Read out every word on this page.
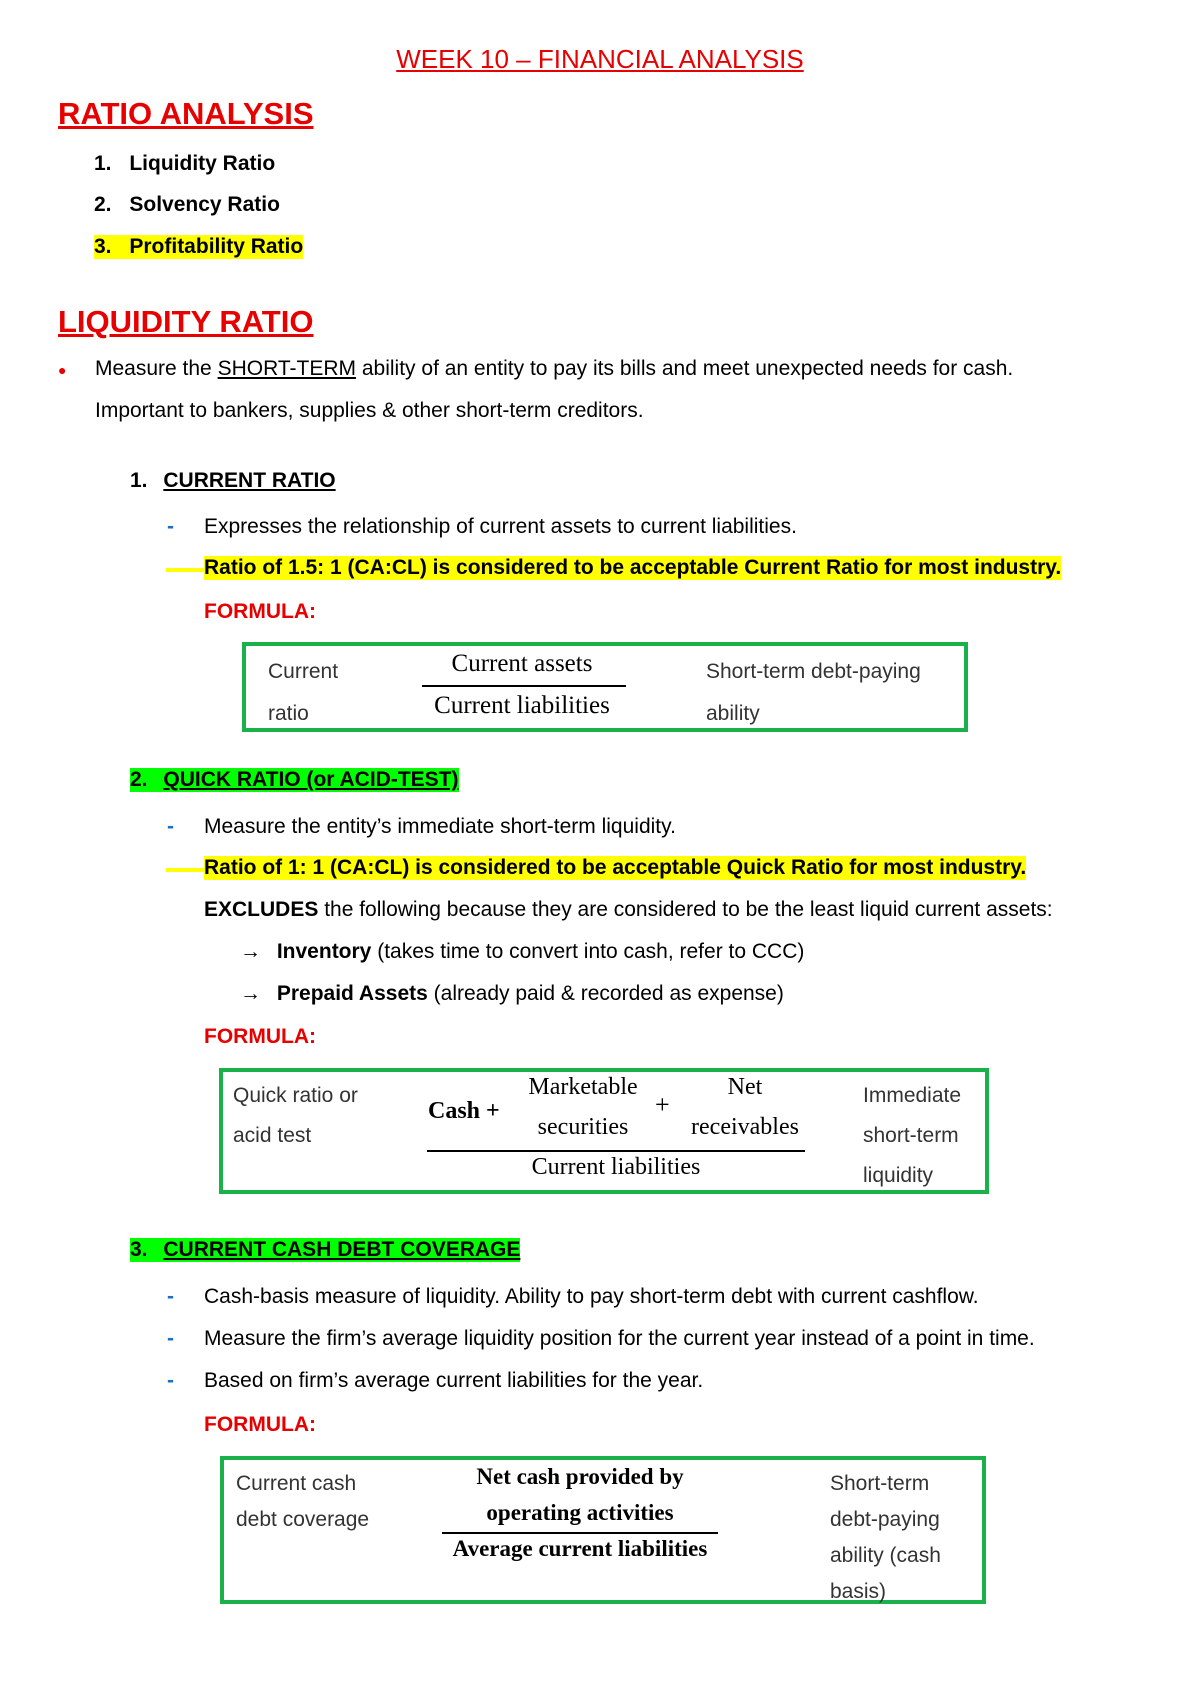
WEEK 10 – FINANCIAL ANALYSIS
RATIO ANALYSIS
1. Liquidity Ratio
2. Solvency Ratio
3. Profitability Ratio
LIQUIDITY RATIO
● Measure the SHORT-TERM ability of an entity to pay its bills and meet unexpected needs for cash.
Important to bankers, supplies & other short-term creditors.
1. CURRENT RATIO
- Expresses the relationship of current assets to current liabilities.
Ratio of 1.5: 1 (CA:CL) is considered to be acceptable Current Ratio for most industry.
FORMULA:
Current
ratio
Current assets
Current liabilities
Short-term debt-paying
ability
2. QUICK RATIO (or ACID-TEST)
- Measure the entity’s immediate short-term liquidity.
Ratio of 1: 1 (CA:CL) is considered to be acceptable Quick Ratio for most industry.
EXCLUDES the following because they are considered to be the least liquid current assets:
→ Inventory (takes time to convert into cash, refer to CCC)
→ Prepaid Assets (already paid & recorded as expense)
FORMULA:
Quick ratio or
acid test
Cash +
Marketable
securities
+
Net
receivables
Current liabilities
Immediate
short-term
liquidity
3. CURRENT CASH DEBT COVERAGE
- Cash-basis measure of liquidity. Ability to pay short-term debt with current cashflow.
- Measure the firm’s average liquidity position for the current year instead of a point in time.
- Based on firm’s average current liabilities for the year.
FORMULA:
Current cash
debt coverage
Net cash provided by
operating activities
Average current liabilities
Short-term
debt-paying
ability (cash
basis)
